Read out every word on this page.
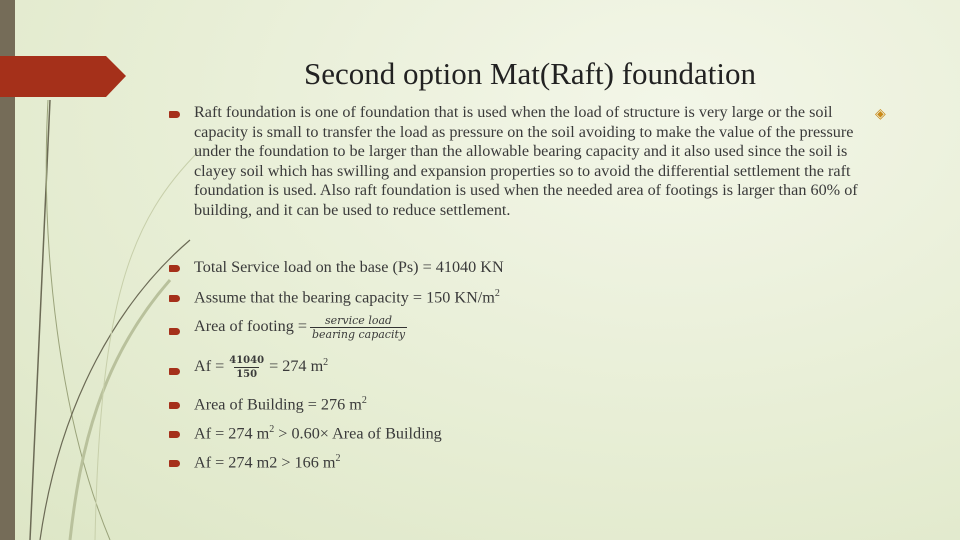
Second option Mat(Raft) foundation
Raft foundation is one of foundation that is used when the load of structure is very large or the soil capacity is small to transfer the load as pressure on the soil avoiding to make the value of the pressure under the foundation to be larger than the allowable bearing capacity and it also used since the soil is clayey soil which has swilling and expansion properties so to avoid the differential settlement the raft foundation is used. Also raft foundation is used when the needed area of footings is larger than 60% of building, and it can be used to reduce settlement.
◈
Total Service load on the base (Ps) = 41040 KN
Assume that the bearing capacity = 150 $KN/m^2$
Area of footing = $\frac{\text{service load}}{\text{bearing capacity}}$
$Af = \frac{41040}{150} = 274$ $m^2$
Area of Building = 276 $m^2$
Af = 274 $m^2 > 0.60\times$ Area of Building
Af = 274 m2 > 166 $m^2$
